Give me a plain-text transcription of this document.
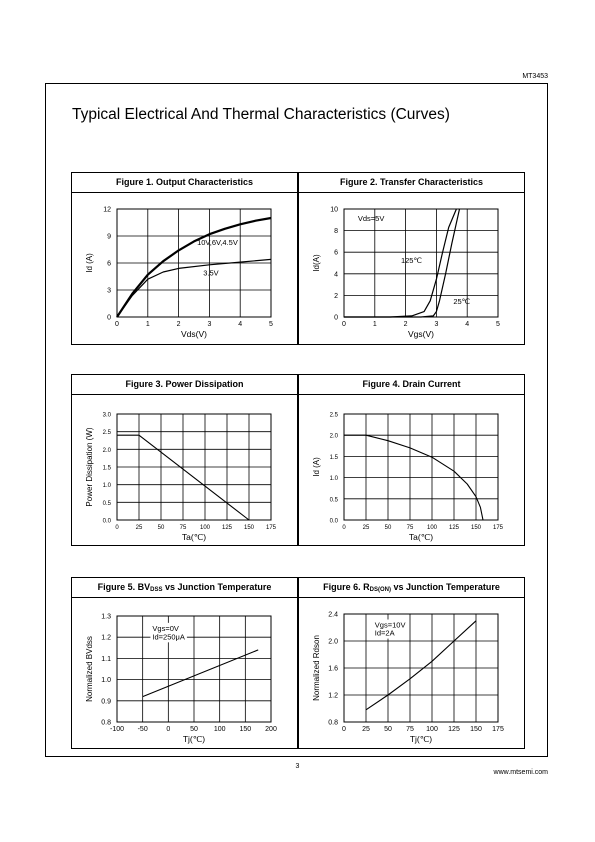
MT3453
Typical Electrical And Thermal Characteristics (Curves)
Figure 1. Output Characteristics
0	1	2	3	4	5
0
3
6
9
12
Vds(V)
Id (A)
10V,6V,4.5V
3.5V
Figure 2. Transfer Characteristics
0	1	2	3	4	5
0
2
4
6
8
10
Vgs(V)
Id(A)	125℃
25℃
Vds=5V
Figure 3. Power Dissipation
0	25	50	75 100 125 150 175
0.0
0.5
1.0
1.5
2.0
2.5
3.0
Ta(℃)
Power Dissipation (W)
Figure 4. Drain Current
0	25	50	75 100 125 150 175
0.0
0.5
1.0
1.5
2.0
2.5
Ta(℃)
Id (A)
Figure 5. $BV_{DSS}$ vs Junction Temperature
-100 -50	0	50 100 150 200
0.8
0.9
1.0
1.1
1.2
1.3
Tj(℃)
Normalized BVdss
Vgs=0V
Id=250μA
Figure 6. $R_{DS(ON)}$ vs Junction Temperature
0 25 50 75 100 125 150 175
0.8
1.2
1.6
2.0
2.4
Tj(℃)
Normalized Rdson
Vgs=10V
Id=2A
3
www.mtsemi.com
